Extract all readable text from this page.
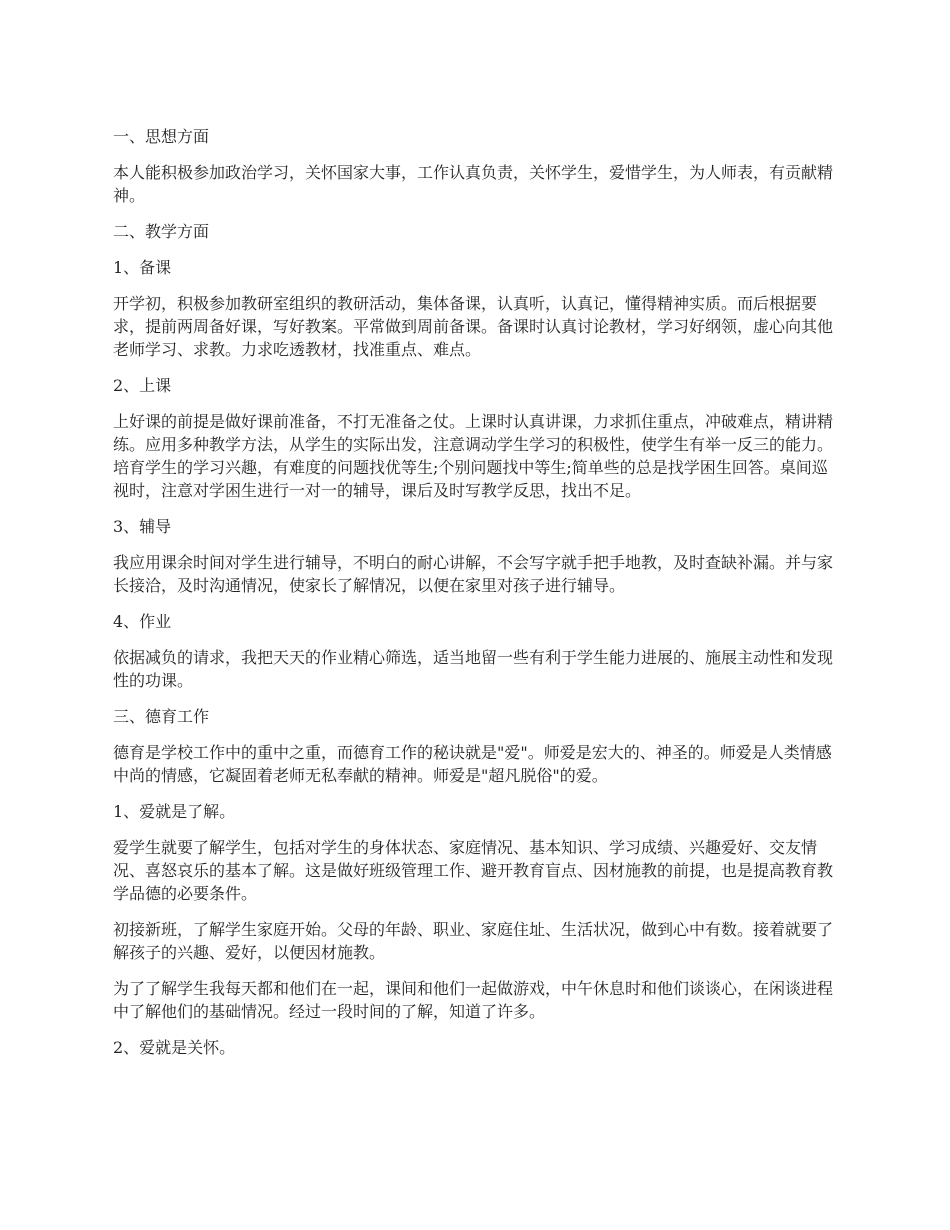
一、思想方面

本人能积极参加政治学习，关怀国家大事，工作认真负责，关怀学生，爱惜学生，为人师表，有贡献精神。

二、教学方面

1、备课

开学初，积极参加教研室组织的教研活动，集体备课，认真听，认真记，懂得精神实质。而后根据要求，提前两周备好课，写好教案。平常做到周前备课。备课时认真讨论教材，学习好纲领，虚心向其他老师学习、求教。力求吃透教材，找准重点、难点。

2、上课

上好课的前提是做好课前准备，不打无准备之仗。上课时认真讲课，力求抓住重点，冲破难点，精讲精练。应用多种教学方法，从学生的实际出发，注意调动学生学习的积极性，使学生有举一反三的能力。培育学生的学习兴趣，有难度的问题找优等生;个别问题找中等生;简单些的总是找学困生回答。桌间巡视时，注意对学困生进行一对一的辅导，课后及时写教学反思，找出不足。

3、辅导

我应用课余时间对学生进行辅导，不明白的耐心讲解，不会写字就手把手地教，及时查缺补漏。并与家长接洽，及时沟通情况，使家长了解情况，以便在家里对孩子进行辅导。

4、作业

依据减负的请求，我把天天的作业精心筛选，适当地留一些有利于学生能力进展的、施展主动性和发现性的功课。

三、德育工作

德育是学校工作中的重中之重，而德育工作的秘诀就是"爱"。师爱是宏大的、神圣的。师爱是人类情感中尚的情感，它凝固着老师无私奉献的精神。师爱是"超凡脱俗"的爱。

1、爱就是了解。

爱学生就要了解学生，包括对学生的身体状态、家庭情况、基本知识、学习成绩、兴趣爱好、交友情况、喜怒哀乐的基本了解。这是做好班级管理工作、避开教育盲点、因材施教的前提，也是提高教育教学品德的必要条件。

初接新班，了解学生家庭开始。父母的年龄、职业、家庭住址、生活状况，做到心中有数。接着就要了解孩子的兴趣、爱好，以便因材施教。

为了了解学生我每天都和他们在一起，课间和他们一起做游戏，中午休息时和他们谈谈心，在闲谈进程中了解他们的基础情况。经过一段时间的了解，知道了许多。

2、爱就是关怀。
